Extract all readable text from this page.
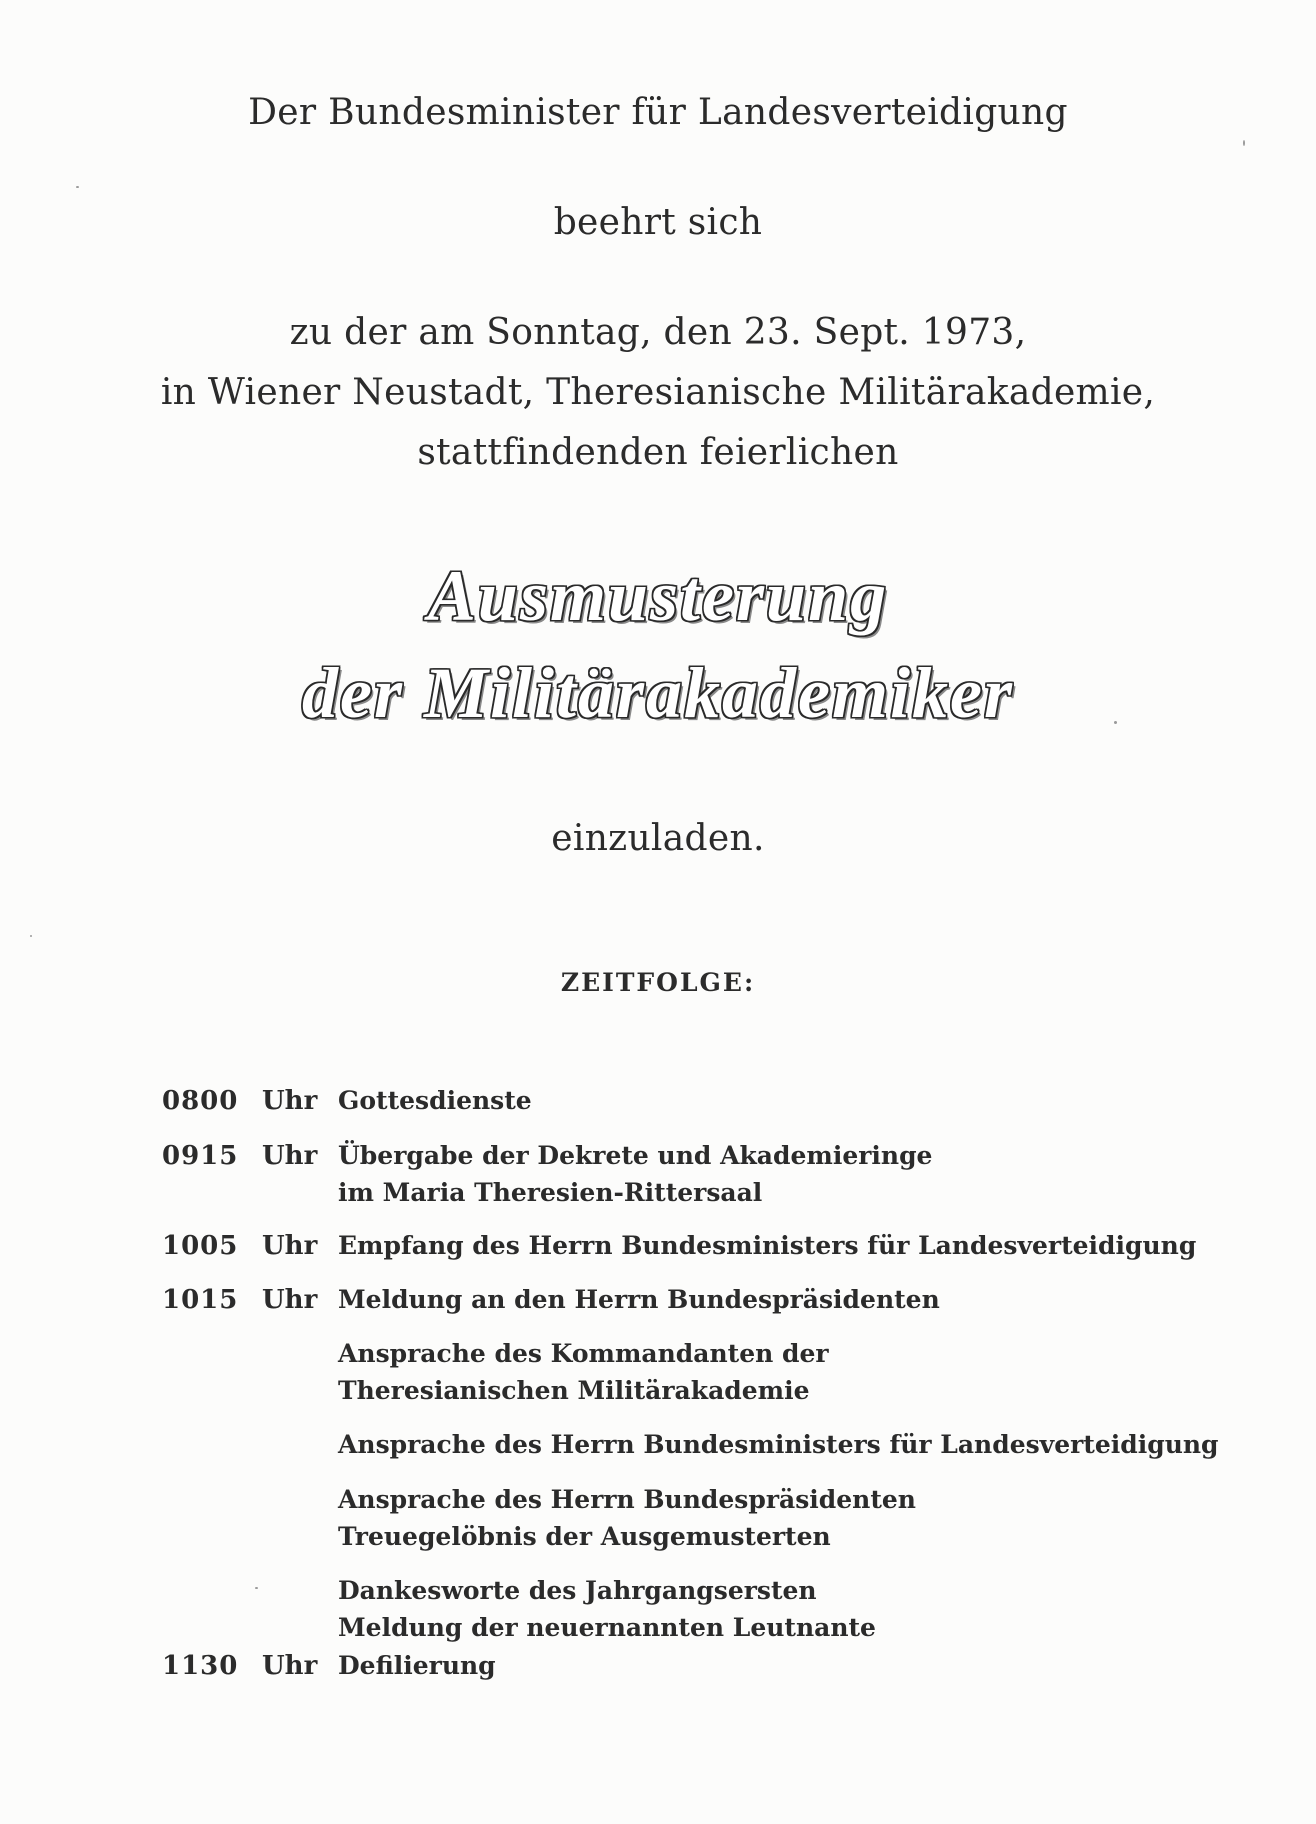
Der Bundesminister für Landesverteidigung
beehrt sich
zu der am Sonntag, den 23. Sept. 1973,
in Wiener Neustadt, Theresianische Militärakademie,
stattfindenden feierlichen
Ausmusterung
der Militärakademiker
einzuladen.
ZEITFOLGE:
0800 Uhr Gottesdienste
0915 Uhr Übergabe der Dekrete und Akademieringe
im Maria Theresien-Rittersaal
1005 Uhr Empfang des Herrn Bundesministers für Landesverteidigung
1015 Uhr Meldung an den Herrn Bundespräsidenten
Ansprache des Kommandanten der
Theresianischen Militärakademie
Ansprache des Herrn Bundesministers für Landesverteidigung
Ansprache des Herrn Bundespräsidenten
Treuegelöbnis der Ausgemusterten
Dankesworte des Jahrgangsersten
Meldung der neuernannten Leutnante
1130 Uhr Defilierung
